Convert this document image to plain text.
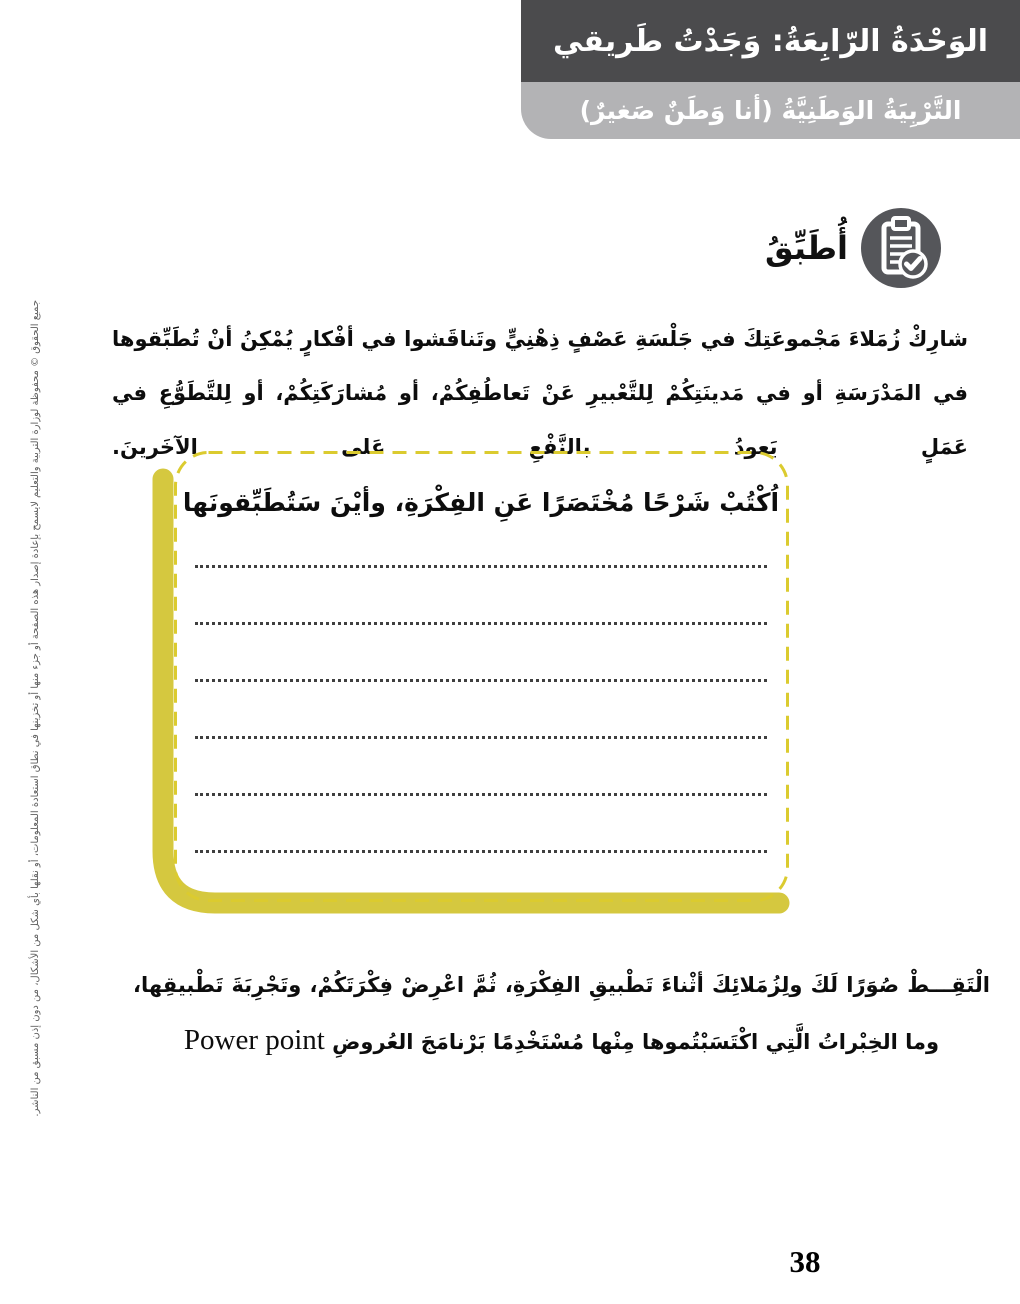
الوَحْدَةُ الرّابِعَةُ: وَجَدْتُ طَريقي
التَّرْبِيَةُ الوَطَنِيَّةُ (أنا وَطَنٌ صَغيرٌ)
أُطَبِّقُ

شارِكْ زُمَلاءَ مَجْموعَتِكَ في جَلْسَةِ عَصْفٍ ذِهْنِيٍّ وتَناقَشوا في أفْكارٍ يُمْكِنُ أنْ تُطَبِّقوها في المَدْرَسَةِ أو في مَدينَتِكُمْ لِلتَّعْبيرِ عَنْ تَعاطُفِكُمْ، أو مُشارَكَتِكُمْ، أو لِلتَّطَوُّعِ في عَمَلٍ يَعودُ بالنَّفْعِ عَلى الآخَرينَ.

اُكْتُبْ شَرْحًا مُخْتَصَرًا عَنِ الفِكْرَةِ، وأيْنَ سَتُطَبِّقونَها

الْتَقِـــطْ صُوَرًا لَكَ ولِزُمَلائِكَ أثْناءَ تَطْبيقِ الفِكْرَةِ، ثُمَّ اعْرِضْ فِكْرَتَكُمْ، وتَجْرِبَةَ تَطْبيقِها، وما الخِبْراتُ الَّتِي اكْتَسَبْتُموها مِنْها مُسْتَخْدِمًا بَرْنامَجَ العُروضِ Power point

جميع الحقوق © محفوظة لوزارة التربية والتعليم لايسمح بإعادة إصدار هذه الصفحة أو جزء منها أو تخزينها في نطاق استعادة المعلومات، أو نقلها بأي شكل من الأشكال، من دون إذن مسبق من الناشر.
38
